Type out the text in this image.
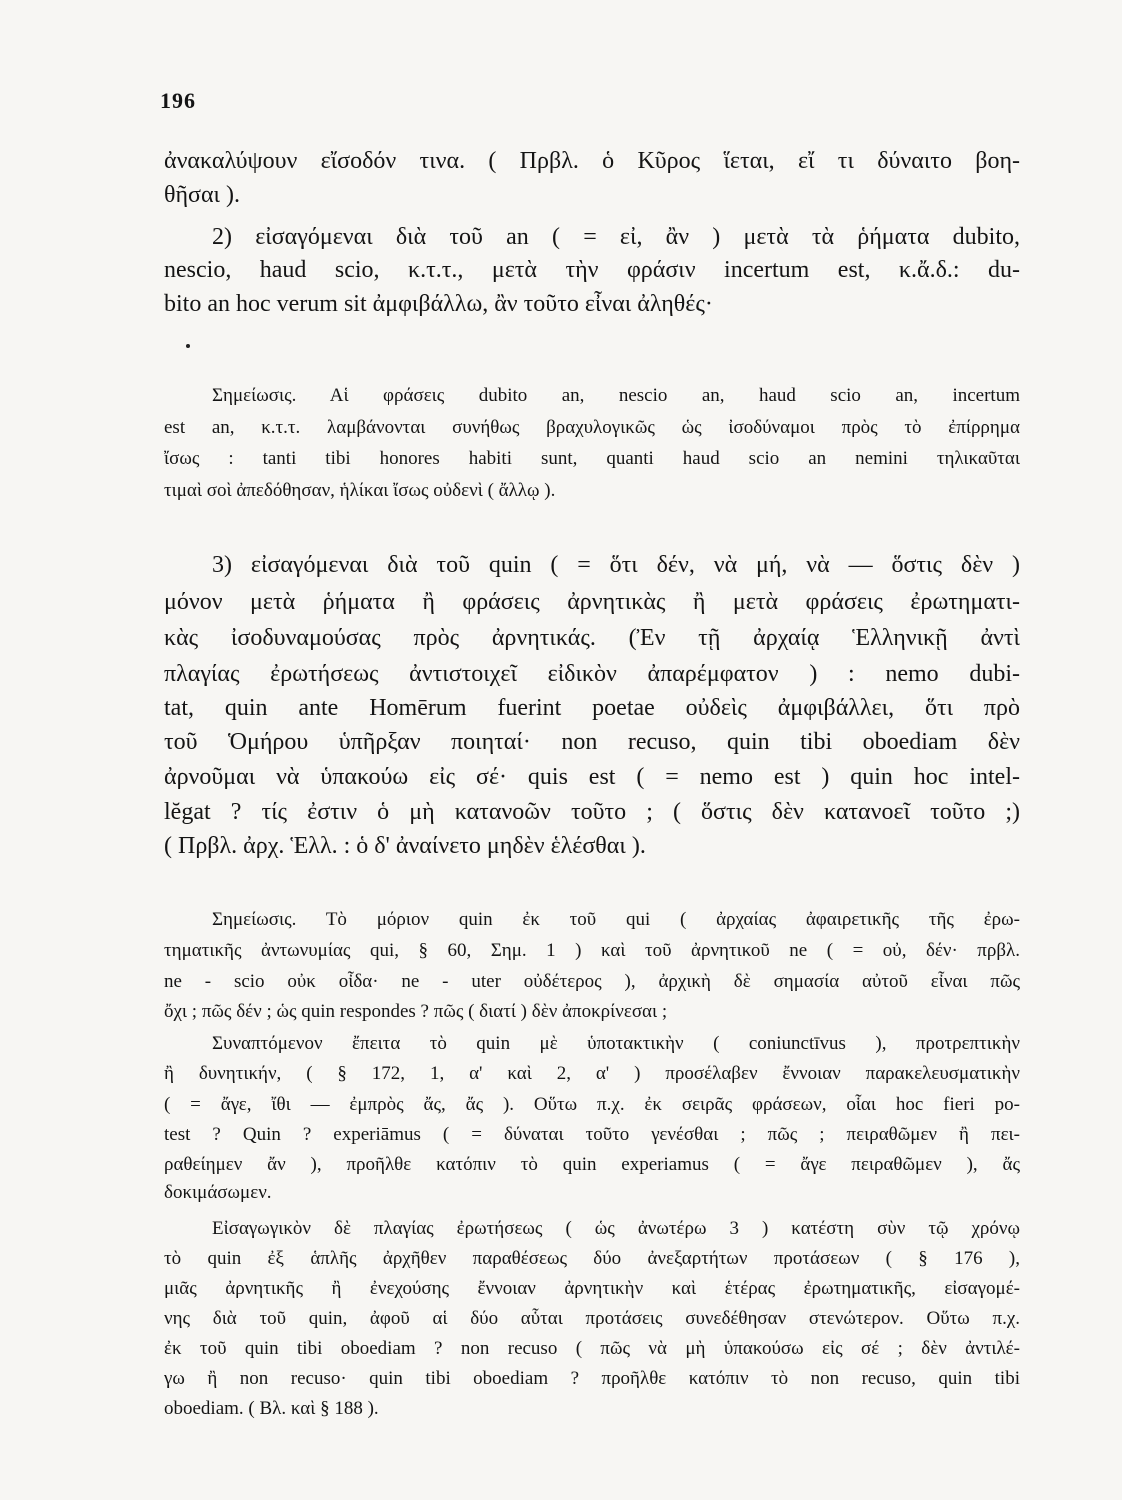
196
ἀνακαλύψουν εἴσοδόν τινα. ( Πρβλ. ὁ Κῦρος ἵεται, εἴ τι δύναιτο βοη-
θῆσαι ).
2) εἰσαγόμεναι διὰ τοῦ an ( = εἰ, ἂν ) μετὰ τὰ ῥήματα dubito,
nescio, haud scio, κ.τ.τ., μετὰ τὴν φράσιν incertum est, κ.ἄ.δ.: du-
bito an hoc verum sit ἀμφιβάλλω, ἂν τοῦτο εἶναι ἀληθές·
Σημείωσις. Αἱ φράσεις dubito an, nescio an, haud scio an, incertum
est an, κ.τ.τ. λαμβάνονται συνήθως βραχυλογικῶς ὡς ἰσοδύναμοι πρὸς τὸ ἐπίρρημα
ἴσως : tanti tibi honores habiti sunt, quanti haud scio an nemini τηλικαῦται
τιμαὶ σοὶ ἀπεδόθησαν, ἡλίκαι ἴσως οὐδενὶ ( ἄλλῳ ).
3) εἰσαγόμεναι διὰ τοῦ quin ( = ὅτι δέν, νὰ μή, νὰ — ὅστις δὲν )
μόνον μετὰ ῥήματα ἢ φράσεις ἀρνητικὰς ἢ μετὰ φράσεις ἐρωτηματι-
κὰς ἰσοδυναμούσας πρὸς ἀρνητικάς. (Ἐν τῇ ἀρχαίᾳ Ἑλληνικῇ ἀντὶ
πλαγίας ἐρωτήσεως ἀντιστοιχεῖ εἰδικὸν ἀπαρέμφατον ) : nemo dubi-
tat, quin ante Homērum fuerint poetae οὐδεὶς ἀμφιβάλλει, ὅτι πρὸ
τοῦ Ὁμήρου ὑπῆρξαν ποιηταί· non recuso, quin tibi oboediam δὲν
ἀρνοῦμαι νὰ ὑπακούω εἰς σέ· quis est ( = nemo est ) quin hoc intel-
lĕgat ? τίς ἐστιν ὁ μὴ κατανοῶν τοῦτο ; ( ὅστις δὲν κατανοεῖ τοῦτο ;)
( Πρβλ. ἀρχ. Ἑλλ. : ὁ δ' ἀναίνετο μηδὲν ἑλέσθαι ).
Σημείωσις. Τὸ μόριον quin ἐκ τοῦ qui ( ἀρχαίας ἀφαιρετικῆς τῆς ἐρω-
τηματικῆς ἀντωνυμίας qui, § 60, Σημ. 1 ) καὶ τοῦ ἀρνητικοῦ ne ( = οὐ, δέν· πρβλ.
ne - scio οὐκ οἶδα· ne - uter οὐδέτερος ), ἀρχικὴ δὲ σημασία αὐτοῦ εἶναι πῶς
ὄχι ; πῶς δέν ; ὡς quin respondes ? πῶς ( διατί ) δὲν ἀποκρίνεσαι ;
Συναπτόμενον ἔπειτα τὸ quin μὲ ὑποτακτικὴν ( coniunctīvus ), προτρεπτικὴν
ἢ δυνητικήν, ( § 172, 1, α' καὶ 2, α' ) προσέλαβεν ἔννοιαν παρακελευσματικὴν
( = ἄγε, ἴθι — ἐμπρὸς ἄς, ἄς ). Οὕτω π.χ. ἐκ σειρᾶς φράσεων, οἷαι hoc fieri po-
test ? Quin ? experiāmus ( = δύναται τοῦτο γενέσθαι ; πῶς ; πειραθῶμεν ἢ πει-
ραθείημεν ἄν ), προῆλθε κατόπιν τὸ quin experiamus ( = ἄγε πειραθῶμεν ), ἄς
δοκιμάσωμεν.
Εἰσαγωγικὸν δὲ πλαγίας ἐρωτήσεως ( ὡς ἀνωτέρω 3 ) κατέστη σὺν τῷ χρόνῳ
τὸ quin ἐξ ἁπλῆς ἀρχῆθεν παραθέσεως δύο ἀνεξαρτήτων προτάσεων ( § 176 ),
μιᾶς ἀρνητικῆς ἢ ἐνεχούσης ἔννοιαν ἀρνητικὴν καὶ ἑτέρας ἐρωτηματικῆς, εἰσαγομέ-
νης διὰ τοῦ quin, ἀφοῦ αἱ δύο αὗται προτάσεις συνεδέθησαν στενώτερον. Οὕτω π.χ.
ἐκ τοῦ quin tibi oboediam ? non recuso ( πῶς νὰ μὴ ὑπακούσω εἰς σέ ; δὲν ἀντιλέ-
γω ἢ non recuso· quin tibi oboediam ? προῆλθε κατόπιν τὸ non recuso, quin tibi
oboediam. ( Βλ. καὶ § 188 ).
